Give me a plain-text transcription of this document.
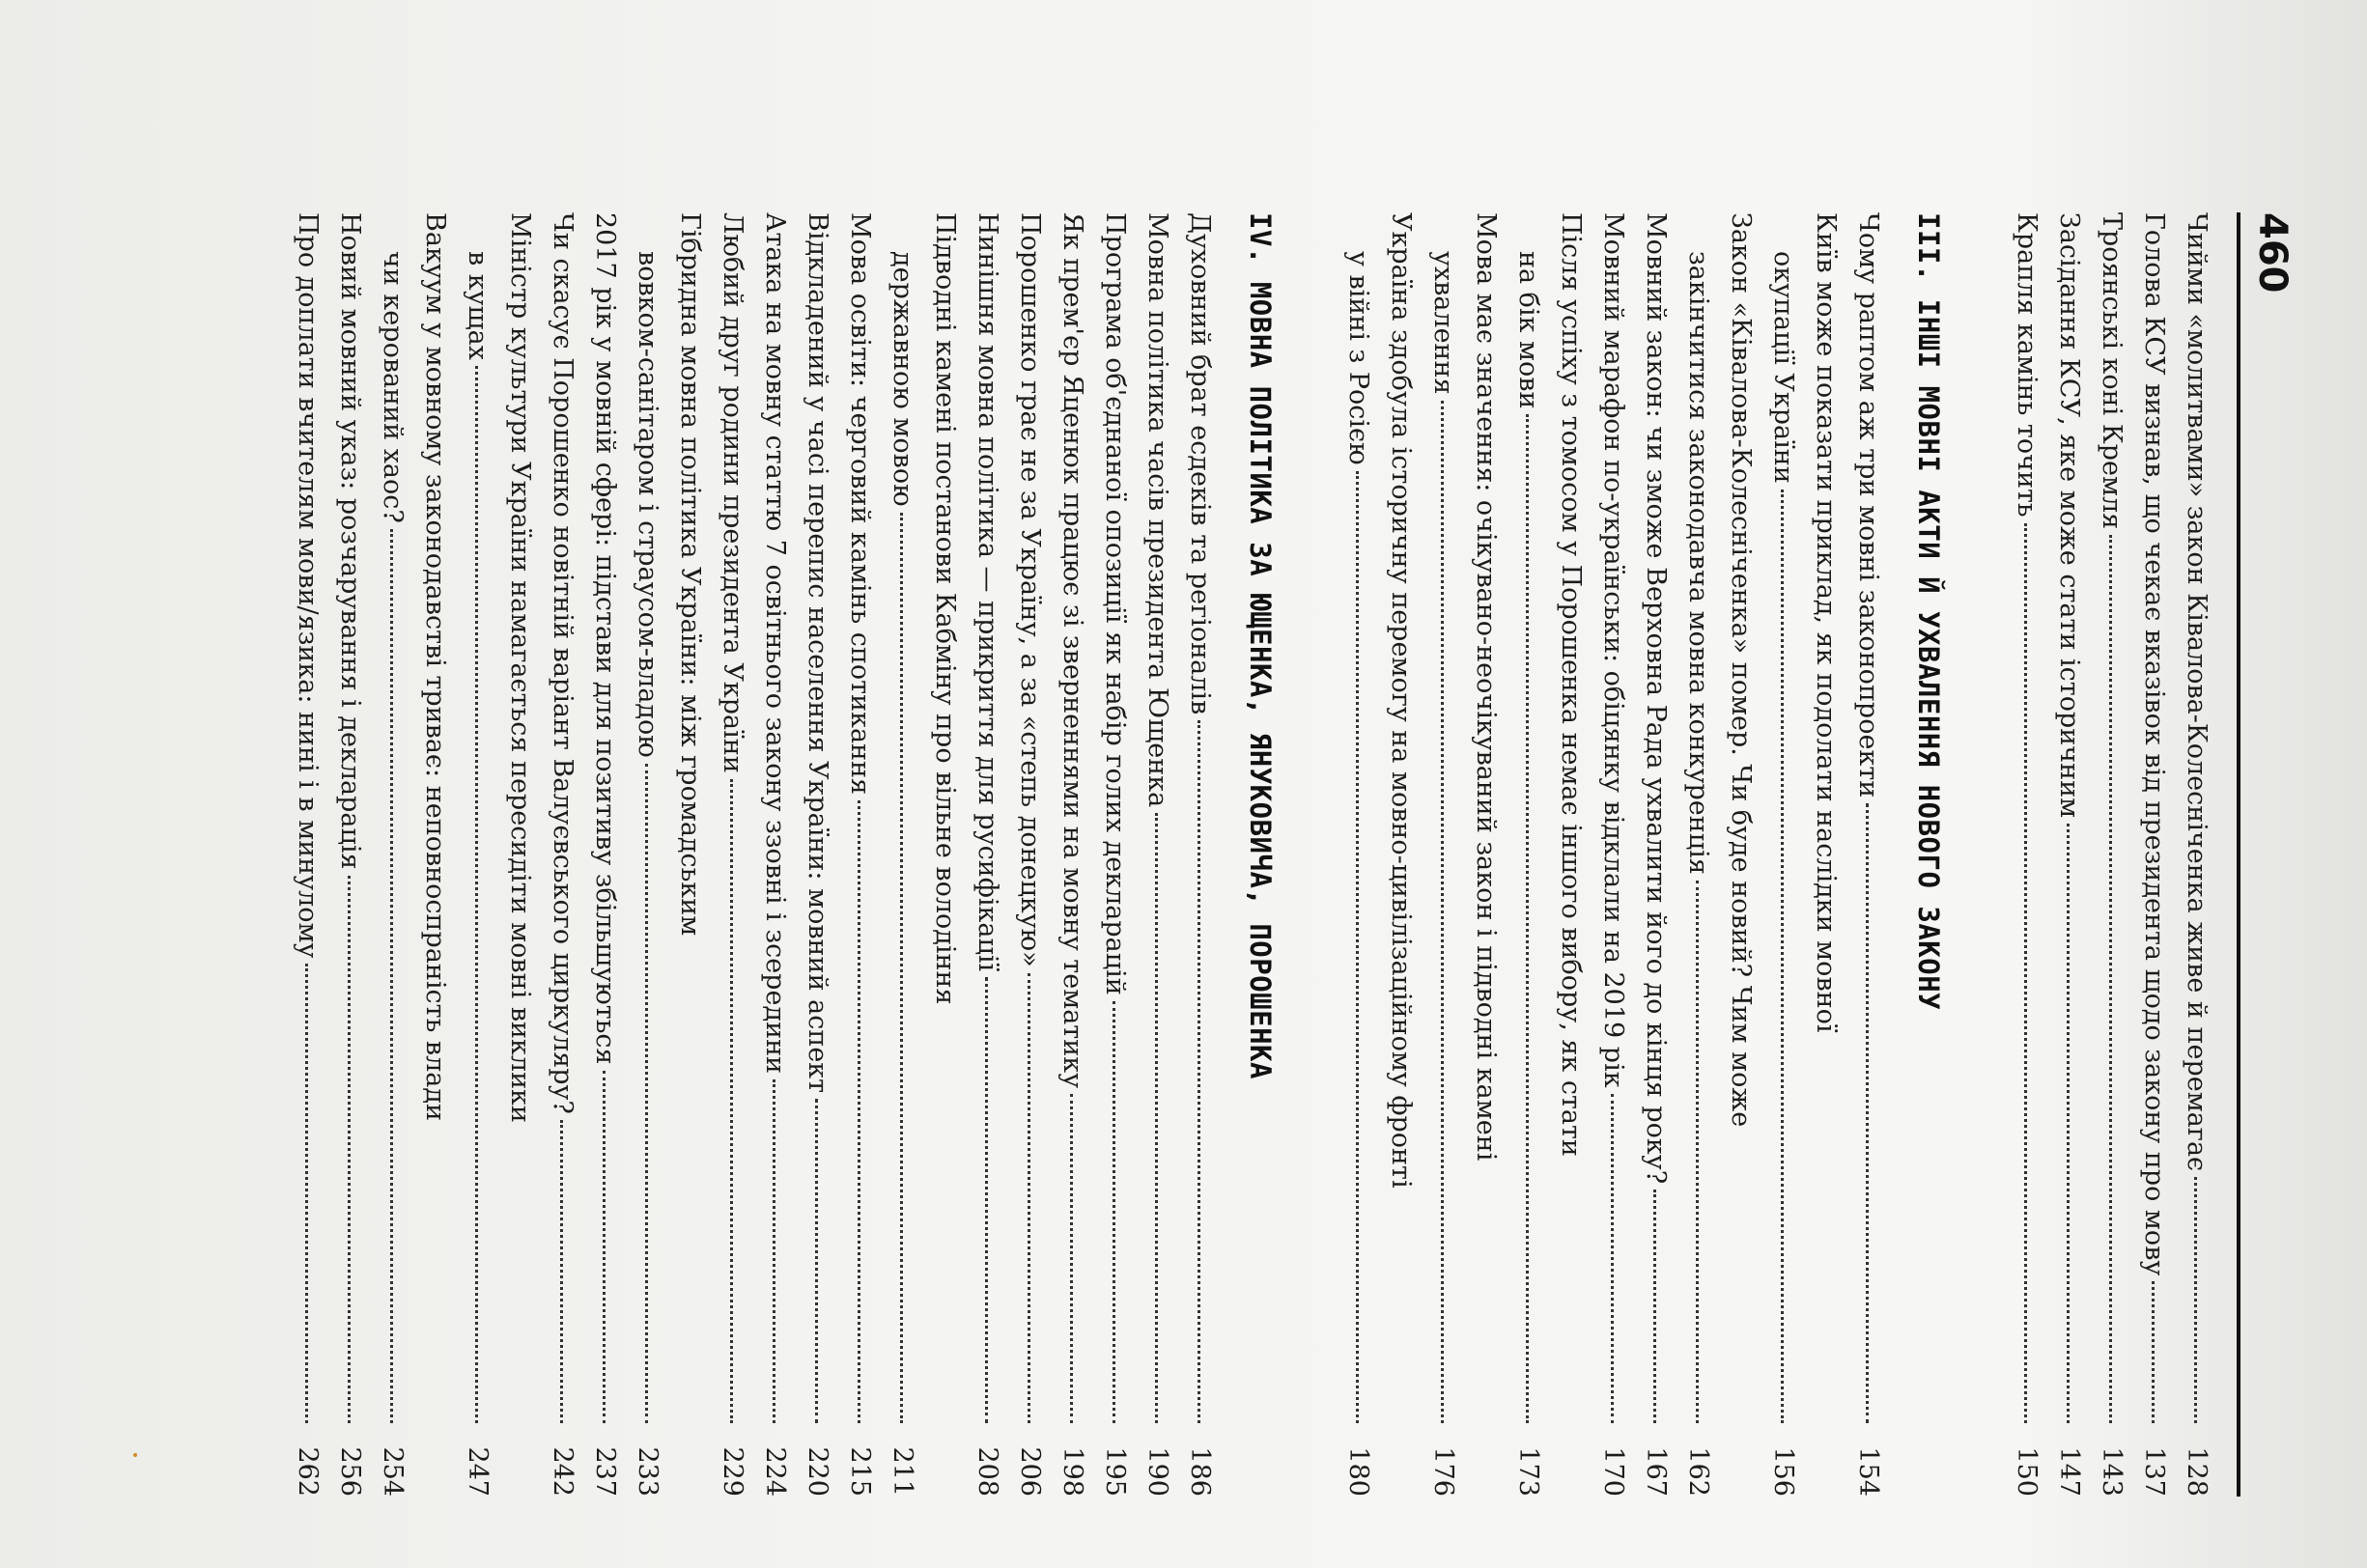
460
Чийми «молитвами» закон Ківалова-Колесніченка живе й перемагає
128
Голова КСУ визнав, що чекає вказівок від президента щодо закону про мову
137
Троянські коні Кремля
143
Засідання КСУ, яке може стати історичним
147
Крапля камінь точить
150
III. ІНШІ МОВНІ АКТИ Й УХВАЛЕННЯ НОВОГО ЗАКОНУ
Чому раптом аж три мовні законопроекти
154
Київ може показати приклад, як подолати наслідки мовної
окупації України
156
Закон «Ківалова-Колесніченка» помер. Чи буде новий? Чим може
закінчитися законодавча мовна конкуренція
162
Мовний закон: чи зможе Верховна Рада ухвалити його до кінця року?
167
Мовний марафон по-українськи: обіцянку відклали на 2019 рік
170
Після успіху з томосом у Порошенка немає іншого вибору, як стати
на бік мови
173
Мова має значення: очікувано-неочікуваний закон і підводні камені
ухвалення
176
Україна здобула історичну перемогу на мовно-цивілізаційному фронті
у війні з Росією
180
IV. МОВНА ПОЛІТИКА ЗА ЮЩЕНКА, ЯНУКОВИЧА, ПОРОШЕНКА
Духовний брат есдеків та регіоналів
186
Мовна політика часів президента Ющенка
190
Програма об'єднаної опозиції як набір голих декларацій
195
Як прем'єр Яценюк працює зі зверненнями на мовну тематику
198
Порошенко грає не за Україну, а за «степь донецкую»
206
Нинішня мовна політика — прикриття для русифікації
208
Підводні камені постанови Кабміну про вільне володіння
державною мовою
211
Мова освіти: черговий камінь спотикання
215
Відкладений у часі перепис населення України: мовний аспект
220
Атака на мовну статтю 7 освітнього закону ззовні і зсередини
224
Любий друг родини президента України
229
Гібридна мовна політика України: між громадським
вовком-санітаром і страусом-владою
233
2017 рік у мовній сфері: підстави для позитиву збільшуються
237
Чи скасує Порошенко новітній варіант Валуєвського циркуляру?
242
Міністр культури України намагається пересидіти мовні виклики
в кущах
247
Вакуум у мовному законодавстві триває: неповноспраність влади
чи керований хаос?
254
Новий мовний указ: розчарування і декларація
256
Про доплати вчителям мови/язика: нині і в минулому
262
